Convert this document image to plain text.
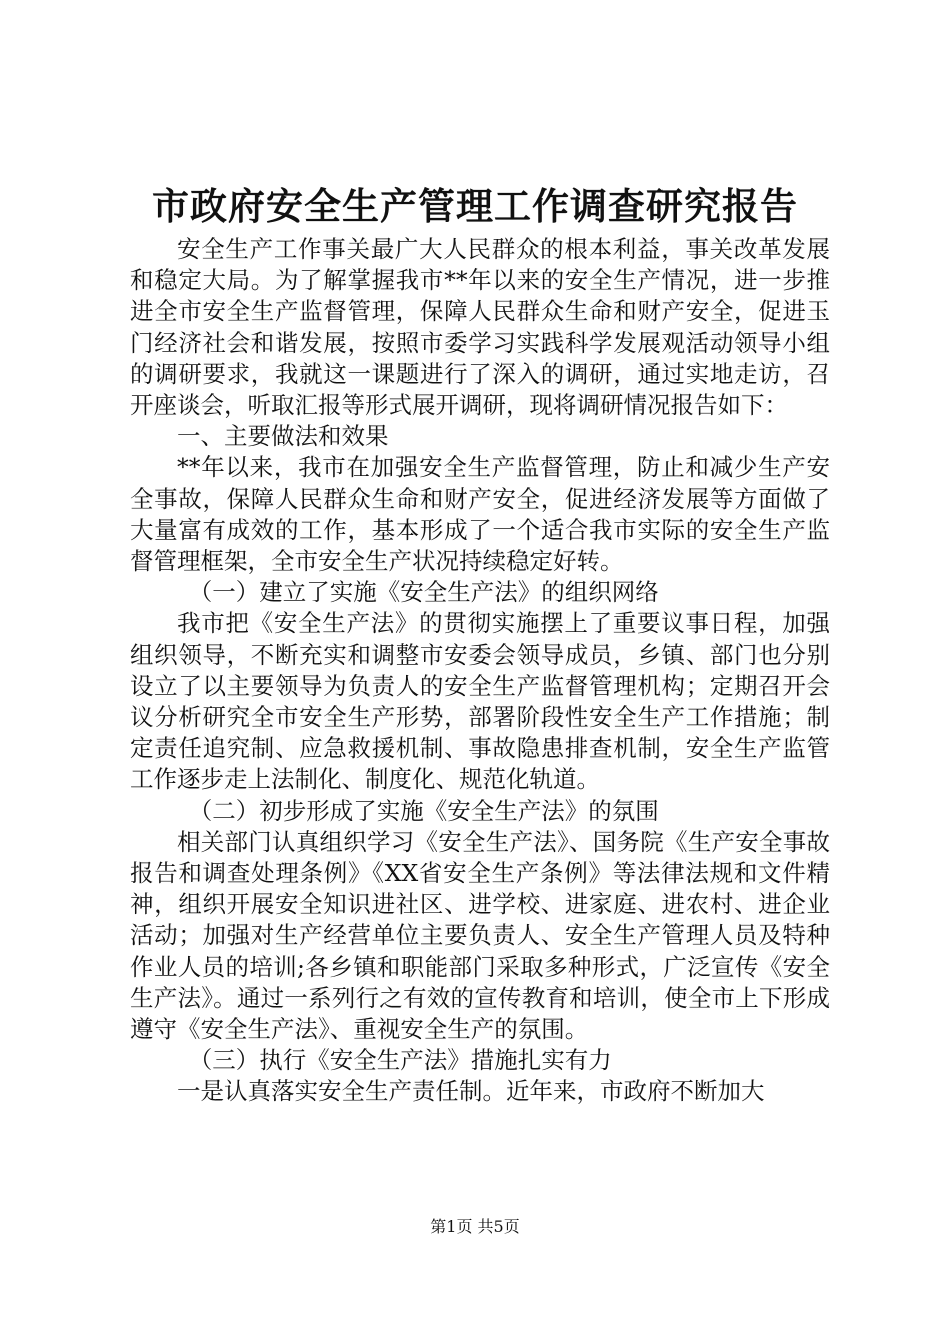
市政府安全生产管理工作调查研究报告

安全生产工作事关最广大人民群众的根本利益，事关改革发展和稳定大局。为了解掌握我市**年以来的安全生产情况，进一步推进全市安全生产监督管理，保障人民群众生命和财产安全，促进玉门经济社会和谐发展，按照市委学习实践科学发展观活动领导小组的调研要求，我就这一课题进行了深入的调研，通过实地走访，召开座谈会，听取汇报等形式展开调研，现将调研情况报告如下：

一、主要做法和效果

**年以来，我市在加强安全生产监督管理，防止和减少生产安全事故，保障人民群众生命和财产安全，促进经济发展等方面做了大量富有成效的工作，基本形成了一个适合我市实际的安全生产监督管理框架，全市安全生产状况持续稳定好转。

（一）建立了实施《安全生产法》的组织网络

我市把《安全生产法》的贯彻实施摆上了重要议事日程，加强组织领导，不断充实和调整市安委会领导成员，乡镇、部门也分别设立了以主要领导为负责人的安全生产监督管理机构；定期召开会议分析研究全市安全生产形势，部署阶段性安全生产工作措施；制定责任追究制、应急救援机制、事故隐患排查机制，安全生产监管工作逐步走上法制化、制度化、规范化轨道。

（二）初步形成了实施《安全生产法》的氛围

相关部门认真组织学习《安全生产法》、国务院《生产安全事故报告和调查处理条例》《XX省安全生产条例》等法律法规和文件精神，组织开展安全知识进社区、进学校、进家庭、进农村、进企业活动；加强对生产经营单位主要负责人、安全生产管理人员及特种作业人员的培训;各乡镇和职能部门采取多种形式，广泛宣传《安全生产法》。通过一系列行之有效的宣传教育和培训，使全市上下形成遵守《安全生产法》、重视安全生产的氛围。

（三）执行《安全生产法》措施扎实有力

一是认真落实安全生产责任制。近年来，市政府不断加大

第1页 共5页
